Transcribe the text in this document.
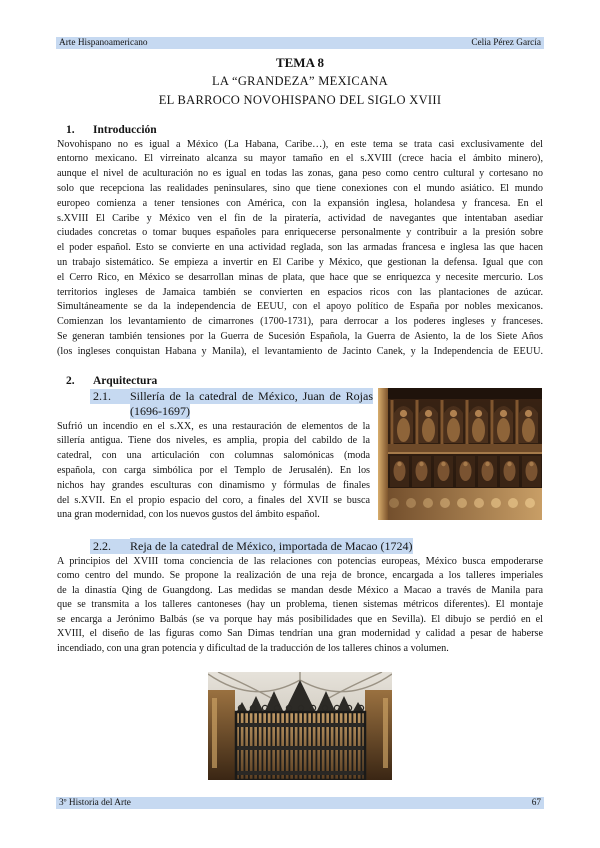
Arte Hispanoamericano	Celia Pérez García
TEMA 8
LA “GRANDEZA” MEXICANA
EL BARROCO NOVOHISPANO DEL SIGLO XVIII
1. Introducción
Novohispano no es igual a México (La Habana, Caribe…), en este tema se trata casi exclusivamente del
entorno mexicano. El virreinato alcanza su mayor tamaño en el s.XVIII (crece hacia el ámbito minero),
aunque el nivel de aculturación no es igual en todas las zonas, gana peso como centro cultural y cortesano no
solo que recepciona las realidades peninsulares, sino que tiene conexiones con el mundo asiático. El mundo
europeo comienza a tener tensiones con América, con la expansión inglesa, holandesa y francesa. En el
s.XVIII El Caribe y México ven el fin de la piratería, actividad de navegantes que intentaban asediar
ciudades concretas o tomar buques españoles para enriquecerse personalmente y contribuir a la presión sobre
el poder español. Esto se convierte en una actividad reglada, son las armadas francesa e inglesa las que hacen
un trabajo sistemático. Se empieza a invertir en El Caribe y México, que gestionan la defensa. Igual que con
el Cerro Rico, en México se desarrollan minas de plata, que hace que se enriquezca y necesite mercurio. Los
territorios ingleses de Jamaica también se convierten en espacios ricos con las plantaciones de azúcar.
Simultáneamente se da la independencia de EEUU, con el apoyo político de España por nobles mexicanos.
Comienzan los levantamiento de cimarrones (1700-1731), para derrocar a los poderes ingleses y franceses.
Se generan también tensiones por la Guerra de Sucesión Española, la Guerra de Asiento, la de los Siete Años
(los ingleses conquistan Habana y Manila), el levantamiento de Jacinto Canek, y la Independencia de EEUU.
2. Arquitectura
2.1.	Sillería de la catedral de México, Juan de Rojas (1696-1697)
Sufrió un incendio en el s.XX, es una restauración de elementos de la
sillería antigua. Tiene dos niveles, es amplia, propia del cabildo de la
catedral, con una articulación con columnas salomónicas (moda
española, con carga simbólica por el Templo de Jerusalén). En los
nichos hay grandes esculturas con dinamismo y fórmulas de finales
del s.XVII. En el propio espacio del coro, a finales del XVII se busca
una gran modernidad, con los nuevos gustos del ámbito español.
2.2.	Reja de la catedral de México, importada de Macao (1724)
A principios del XVIII toma conciencia de las relaciones con potencias europeas, México busca empoderarse
como centro del mundo. Se propone la realización de una reja de bronce, encargada a los talleres imperiales
de la dinastía Qing de Guangdong. Las medidas se mandan desde México a Macao a través de Manila para
que se transmita a los talleres cantoneses (hay un problema, tienen sistemas métricos diferentes). El montaje
se encarga a Jerónimo Balbás (se va porque hay más posibilidades que en Sevilla). El dibujo se perdió en el
XVIII, el diseño de las figuras como San Dimas tendrían una gran modernidad y calidad a pesar de haberse
incendiado, con una gran potencia y dificultad de la traducción de los talleres chinos a volumen.
3º Historia del Arte	67
